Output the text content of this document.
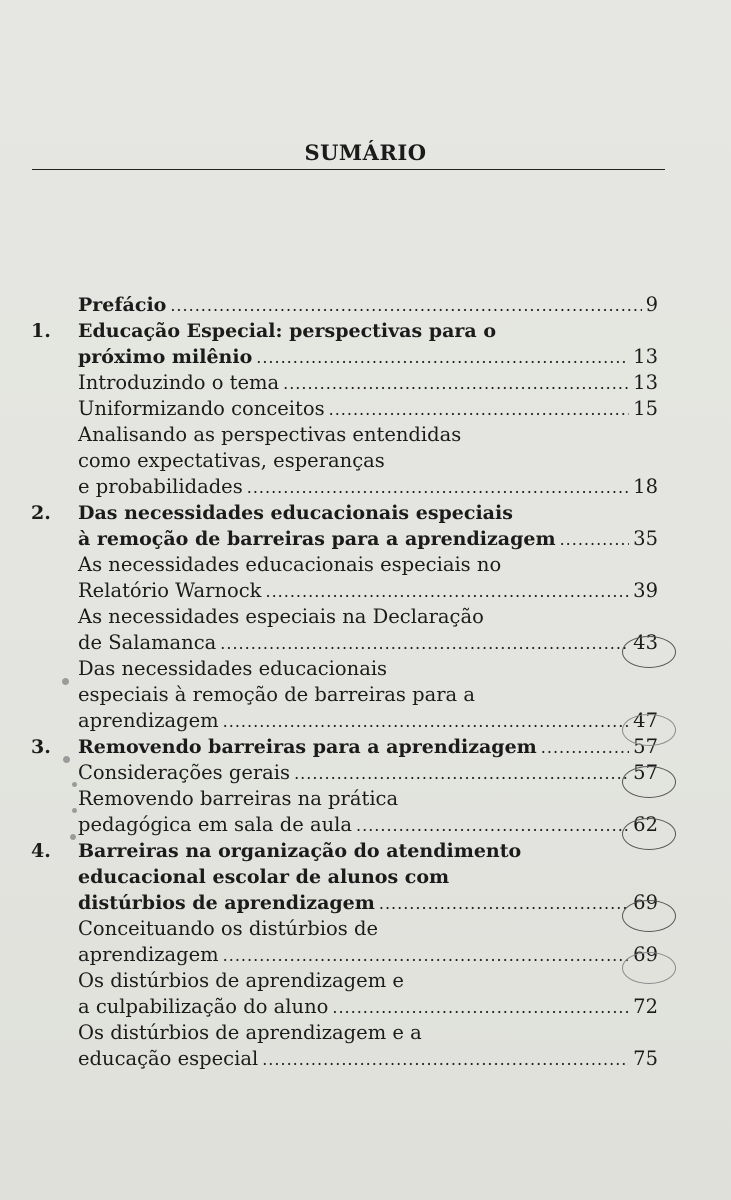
SUMÁRIO
Prefácio .....	9
1. Educação Especial: perspectivas para o
próximo milênio .....	13
Introduzindo o tema .....	13
Uniformizando conceitos .....	15
Analisando as perspectivas entendidas
como expectativas, esperanças
e probabilidades .....	18
2. Das necessidades educacionais especiais
à remoção de barreiras para a aprendizagem .....	35
As necessidades educacionais especiais no
Relatório Warnock .....	39
As necessidades especiais na Declaração
de Salamanca .....	43
Das necessidades educacionais
especiais à remoção de barreiras para a
aprendizagem .....	47
3. Removendo barreiras para a aprendizagem .....	57
Considerações gerais .....	57
Removendo barreiras na prática
pedagógica em sala de aula .....	62
4. Barreiras na organização do atendimento
educacional escolar de alunos com
distúrbios de aprendizagem .....	69
Conceituando os distúrbios de
aprendizagem .....	69
Os distúrbios de aprendizagem e
a culpabilização do aluno .....	72
Os distúrbios de aprendizagem e a
educação especial .....	75
